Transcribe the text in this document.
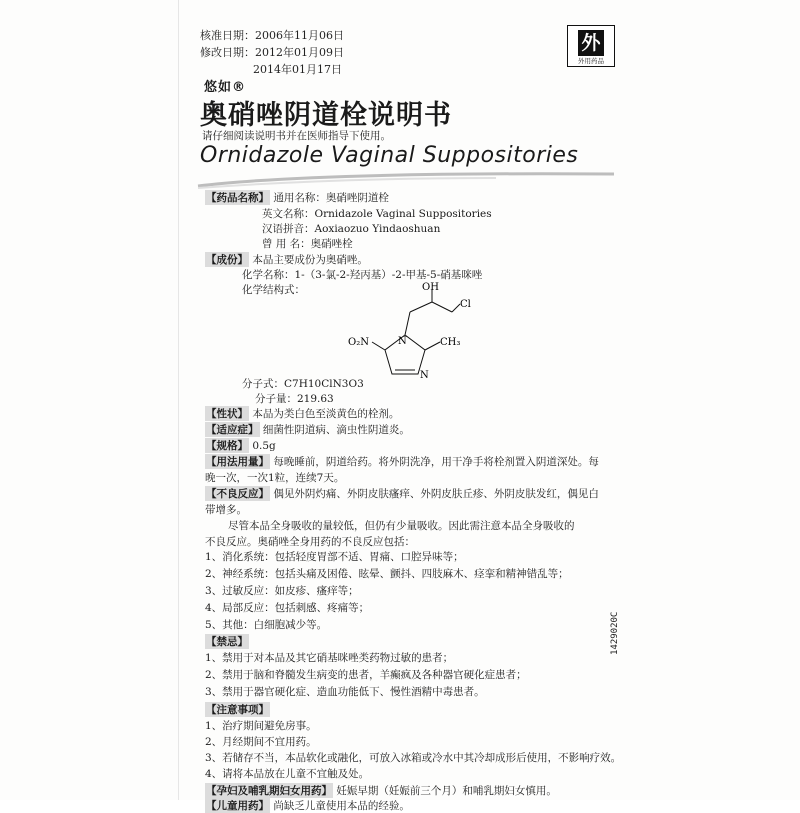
核准日期：2006年11月06日
修改日期：2012年01月09日
2014年01月17日
外
外用药品
悠如®
奥硝唑阴道栓说明书
请仔细阅读说明书并在医师指导下使用。
Ornidazole Vaginal Suppositories
【药品名称】 通用名称：奥硝唑阴道栓
英文名称：Ornidazole Vaginal Suppositories
汉语拼音：Aoxiaozuo Yindaoshuan
曾 用 名：奥硝唑栓
【成份】 本品主要成份为奥硝唑。
化学名称：1-（3-氯-2-羟丙基）-2-甲基-5-硝基咪唑
化学结构式：	OH
Cl
O₂N	CH₃
N
N
分子式：C7H10ClN3O3
分子量：219.63
【性状】 本品为类白色至淡黄色的栓剂。
【适应症】 细菌性阴道病、滴虫性阴道炎。
【规格】 0.5g
【用法用量】 每晚睡前，阴道给药。将外阴洗净，用干净手将栓剂置入阴道深处。每
晚一次，一次1粒，连续7天。
【不良反应】 偶见外阴灼痛、外阴皮肤瘙痒、外阴皮肤丘疹、外阴皮肤发红，偶见白
带增多。
尽管本品全身吸收的量较低，但仍有少量吸收。因此需注意本品全身吸收的
不良反应。奥硝唑全身用药的不良反应包括：
1、消化系统：包括轻度胃部不适、胃痛、口腔异味等；
2、神经系统：包括头痛及困倦、眩晕、颤抖、四肢麻木、痉挛和精神错乱等；
3、过敏反应：如皮疹、瘙痒等；
4、局部反应：包括刺感、疼痛等；
5、其他：白细胞减少等。
【禁忌】
1、禁用于对本品及其它硝基咪唑类药物过敏的患者；
2、禁用于脑和脊髓发生病变的患者，羊癫疯及各种器官硬化症患者；
3、禁用于器官硬化症、造血功能低下、慢性酒精中毒患者。
【注意事项】
1、治疗期间避免房事。
2、月经期间不宜用药。
3、若储存不当，本品软化或融化，可放入冰箱或冷水中其冷却成形后使用，不影响疗效。
4、请将本品放在儿童不宜触及处。
【孕妇及哺乳期妇女用药】 妊娠早期（妊娠前三个月）和哺乳期妇女慎用。
【儿童用药】 尚缺乏儿童使用本品的经验。
1429020C
